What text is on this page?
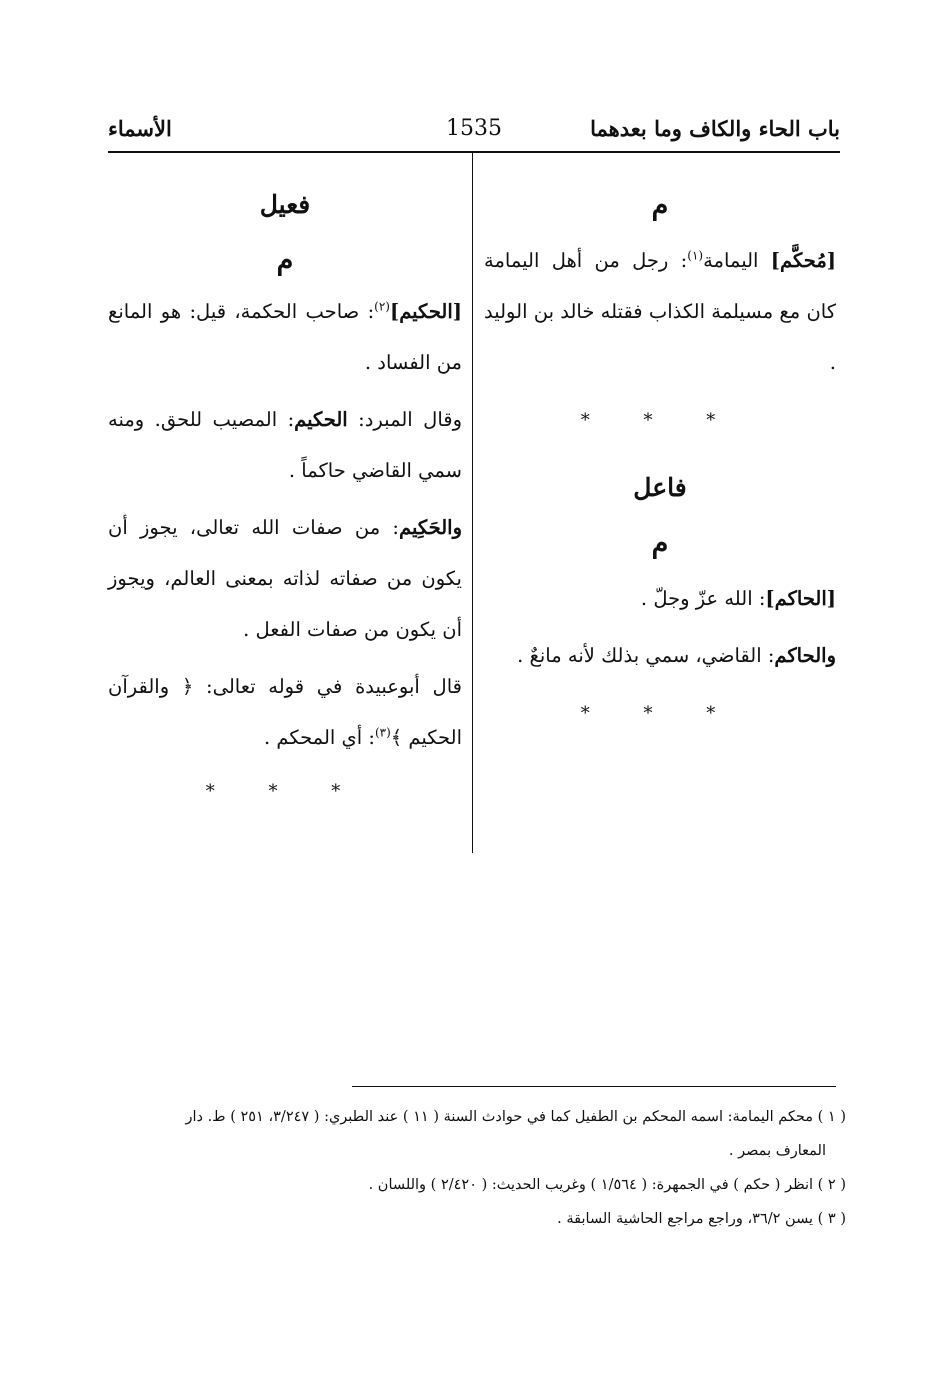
باب الحاء والكاف وما بعدهما
1535
الأسماء

م

[مُحكَّم] اليمامة$^{(١)}$: رجل من أهل اليمامة كان مع مسيلمة الكذاب فقتله خالد بن الوليد .

* * *

فاعل

م

[الحاكم]: الله عزّ وجلّ .

والحاكم: القاضي، سمي بذلك لأنه مانعٌ .

* * *

فعيل

م

[الحكيم]$^{(٢)}$: صاحب الحكمة، قيل: هو المانع من الفساد .

وقال المبرد: الحكيم: المصيب للحق. ومنه سمي القاضي حاكماً .

والحَكِيم: من صفات الله تعالى، يجوز أن يكون من صفاته لذاته بمعنى العالم، ويجوز أن يكون من صفات الفعل .

قال أبوعبيدة في قوله تعالى: ﴿ والقرآن الحكيم ﴾$^{(٣)}$: أي المحكم .

* * *

( ١ ) محكم اليمامة: اسمه المحكم بن الطفيل كما في حوادث السنة ( ١١ ) عند الطبري: ( ٣/٢٤٧، ٢٥١ ) ط. دار

المعارف بمصر .

( ٢ ) انظر ( حكم ) في الجمهرة: ( ١/٥٦٤ ) وغريب الحديث: ( ٢/٤٢٠ ) واللسان .

( ٣ ) يسن ٣٦/٢، وراجع مراجع الحاشية السابقة .
